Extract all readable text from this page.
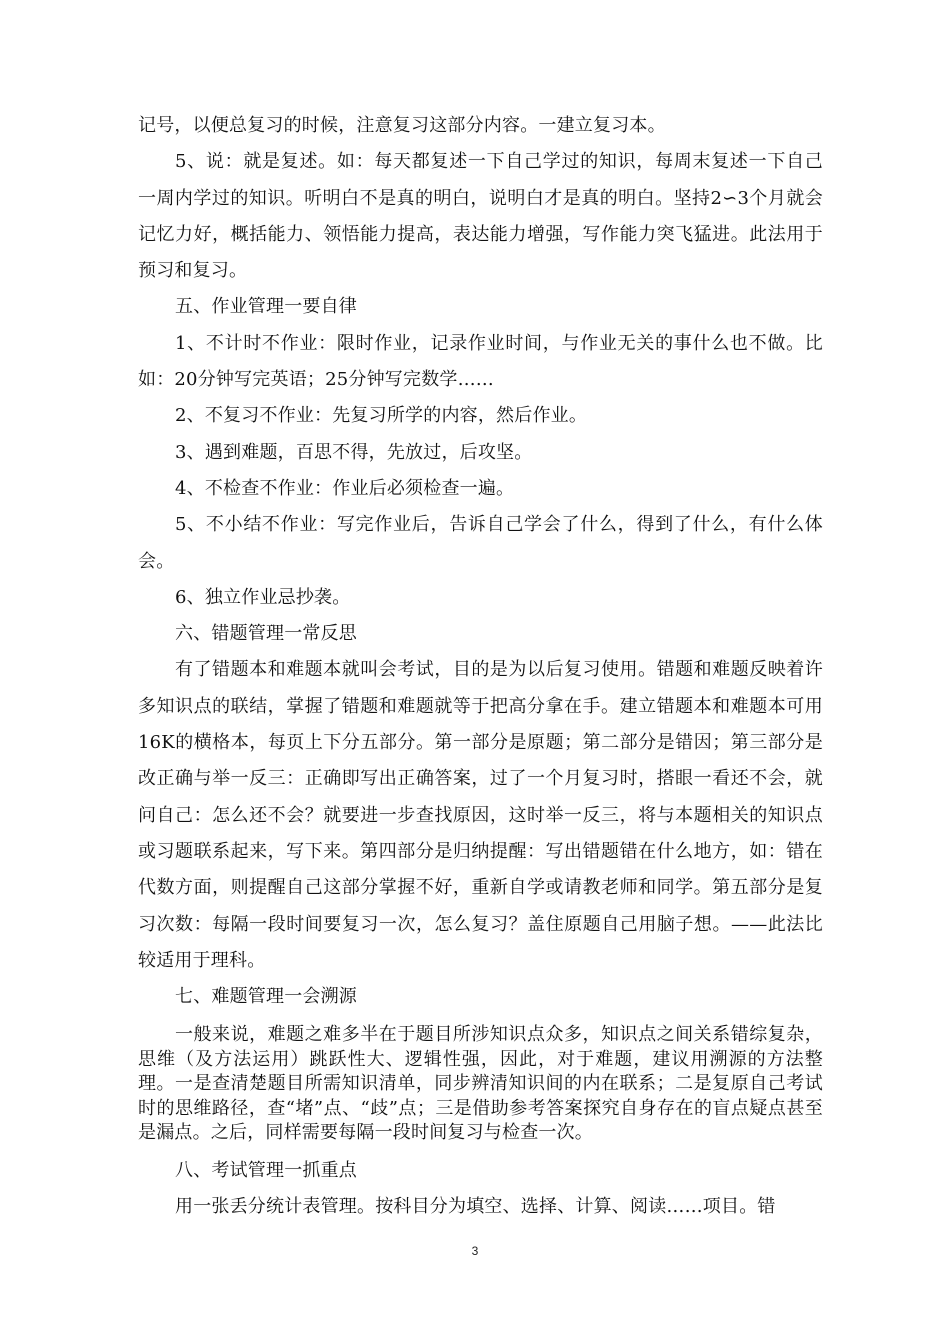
记号，以便总复习的时候，注意复习这部分内容。一建立复习本。

5、说：就是复述。如：每天都复述一下自己学过的知识，每周末复述一下自己一周内学过的知识。听明白不是真的明白，说明白才是真的明白。坚持2∽3个月就会记忆力好，概括能力、领悟能力提高，表达能力增强，写作能力突飞猛进。此法用于预习和复习。

五、作业管理一要自律

1、不计时不作业：限时作业，记录作业时间，与作业无关的事什么也不做。比如：20分钟写完英语；25分钟写完数学……

2、不复习不作业：先复习所学的内容，然后作业。

3、遇到难题，百思不得，先放过，后攻坚。

4、不检查不作业：作业后必须检查一遍。

5、不小结不作业：写完作业后，告诉自己学会了什么，得到了什么，有什么体会。

6、独立作业忌抄袭。

六、错题管理一常反思

有了错题本和难题本就叫会考试，目的是为以后复习使用。错题和难题反映着许多知识点的联结，掌握了错题和难题就等于把高分拿在手。建立错题本和难题本可用16K的横格本，每页上下分五部分。第一部分是原题；第二部分是错因；第三部分是改正确与举一反三：正确即写出正确答案，过了一个月复习时，搭眼一看还不会，就问自己：怎么还不会？就要进一步查找原因，这时举一反三，将与本题相关的知识点或习题联系起来，写下来。第四部分是归纳提醒：写出错题错在什么地方，如：错在代数方面，则提醒自己这部分掌握不好，重新自学或请教老师和同学。第五部分是复习次数：每隔一段时间要复习一次，怎么复习？盖住原题自己用脑子想。——此法比较适用于理科。

七、难题管理一会溯源

一般来说，难题之难多半在于题目所涉知识点众多，知识点之间关系错综复杂，思维（及方法运用）跳跃性大、逻辑性强，因此，对于难题，建议用溯源的方法整理。一是查清楚题目所需知识清单，同步辨清知识间的内在联系；二是复原自己考试时的思维路径，查“堵”点、“歧”点；三是借助参考答案探究自身存在的盲点疑点甚至是漏点。之后，同样需要每隔一段时间复习与检查一次。

八、考试管理一抓重点

用一张丢分统计表管理。按科目分为填空、选择、计算、阅读……项目。错

3
